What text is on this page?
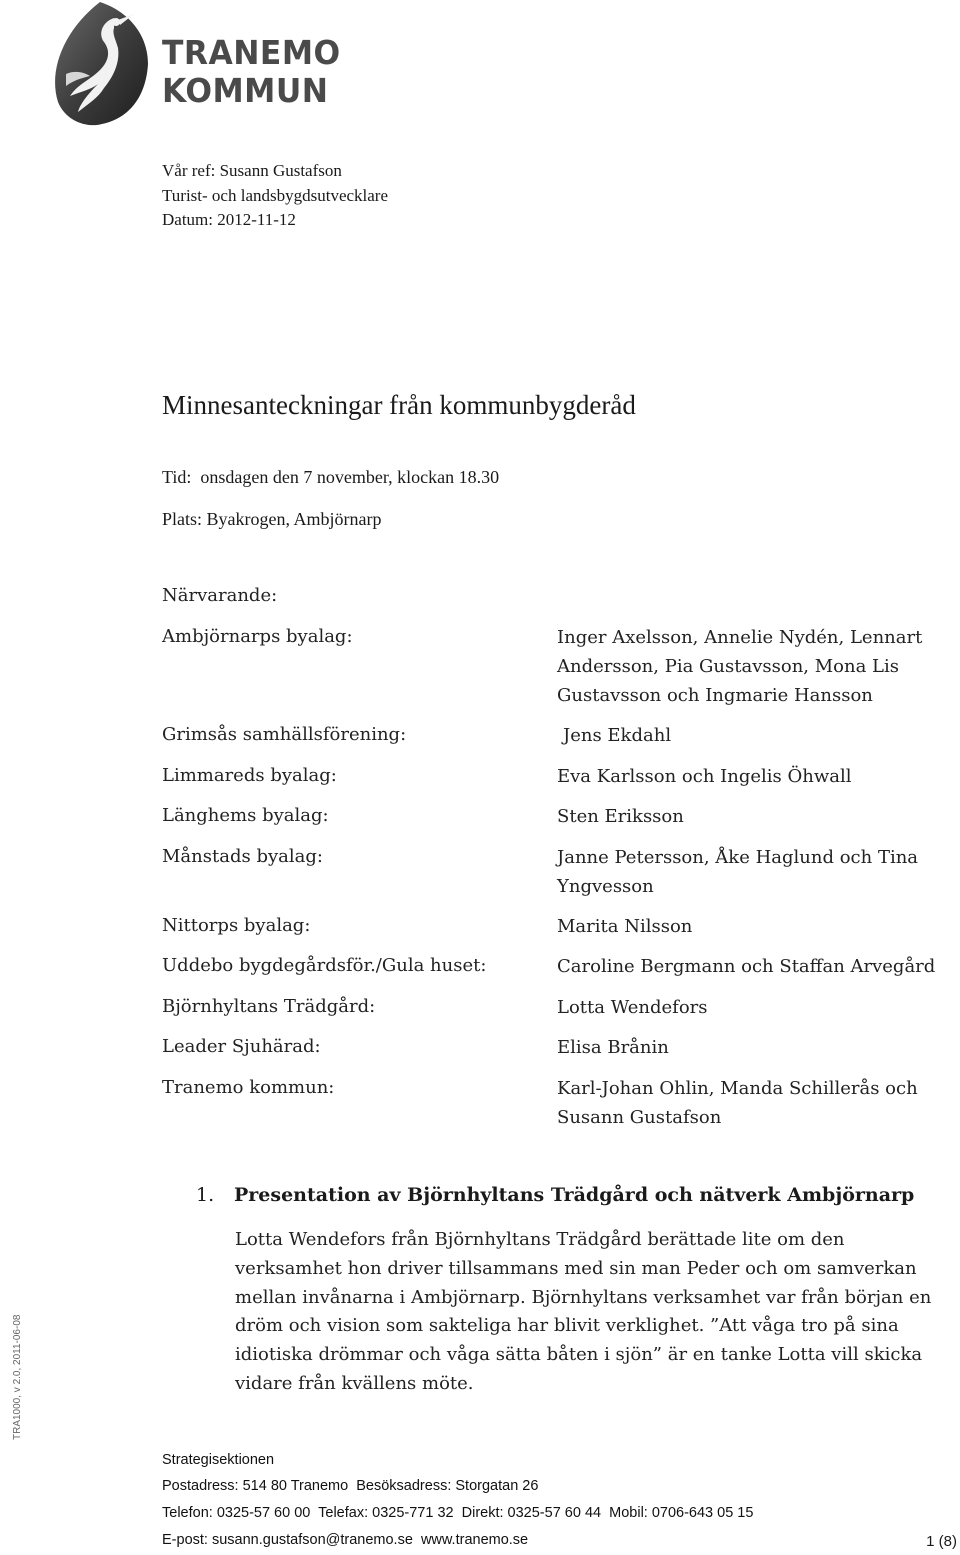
TRANEMO
KOMMUN
Vår ref: Susann Gustafson
Turist- och landsbygdsutvecklare
Datum: 2012-11-12
Minnesanteckningar från kommunbygderåd
Tid:  onsdagen den 7 november, klockan 18.30
Plats: Byakrogen, Ambjörnarp
Närvarande:
Ambjörnarps byalag:	Inger Axelsson, Annelie Nydén, Lennart Andersson, Pia Gustavsson, Mona Lis Gustavsson och Ingmarie Hansson
Grimsås samhällsförening:	Jens Ekdahl
Limmareds byalag:	Eva Karlsson och Ingelis Öhwall
Länghems byalag:	Sten Eriksson
Månstads byalag:	Janne Petersson, Åke Haglund och Tina Yngvesson
Nittorps byalag:	Marita Nilsson
Uddebo bygdegårdsför./Gula huset:	Caroline Bergmann och Staffan Arvegård
Björnhyltans Trädgård:	Lotta Wendefors
Leader Sjuhärad:	Elisa Brånin
Tranemo kommun:	Karl-Johan Ohlin, Manda Schillerås och Susann Gustafson
1. Presentation av Björnhyltans Trädgård och nätverk Ambjörnarp
Lotta Wendefors från Björnhyltans Trädgård berättade lite om den verksamhet hon driver tillsammans med sin man Peder och om samverkan mellan invånarna i Ambjörnarp. Björnhyltans verksamhet var från början en dröm och vision som sakteliga har blivit verklighet. ”Att våga tro på sina idiotiska drömmar och våga sätta båten i sjön” är en tanke Lotta vill skicka vidare från kvällens möte.
TRA1000, v 2.0, 2011-06-08
Strategisektionen
Postadress: 514 80 Tranemo  Besöksadress: Storgatan 26
Telefon: 0325-57 60 00  Telefax: 0325-771 32  Direkt: 0325-57 60 44  Mobil: 0706-643 05 15
E-post: susann.gustafson@tranemo.se  www.tranemo.se	1 (8)
